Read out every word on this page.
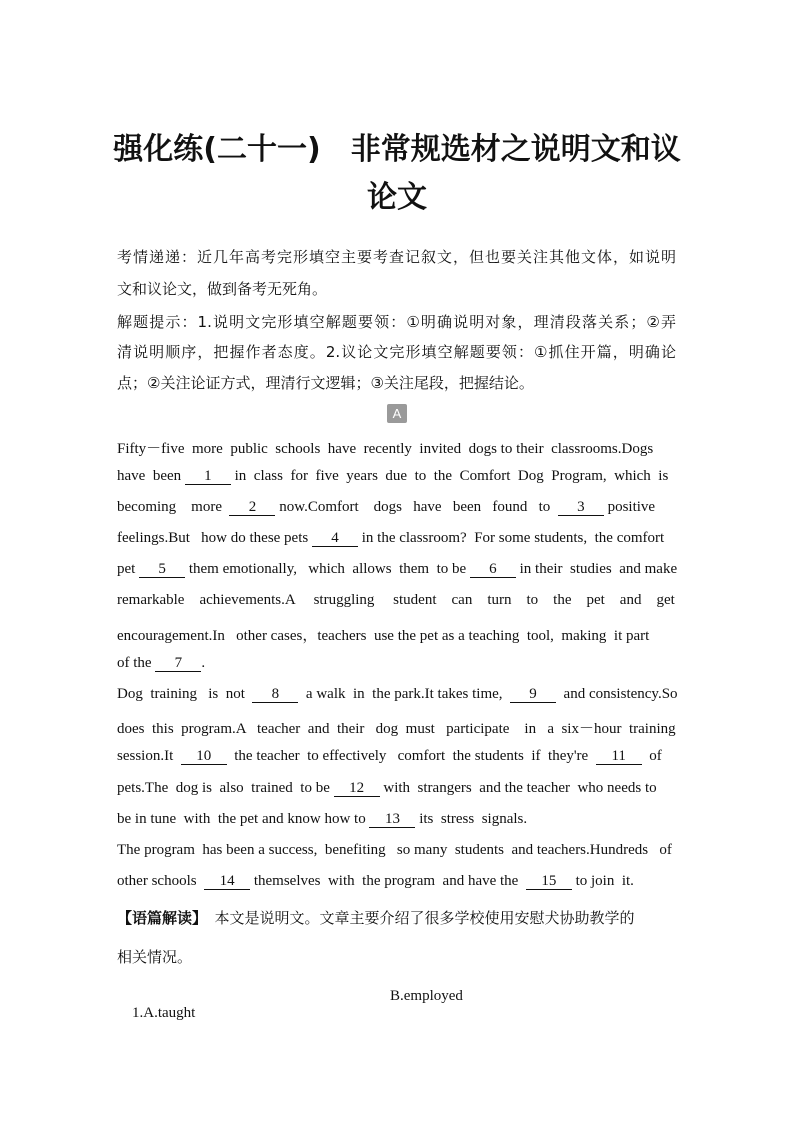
强化练(二十一)　非常规选材之说明文和议
论文
考情递递：近几年高考完形填空主要考查记叙文，但也要关注其他文体，如说明
文和议论文，做到备考无死角。
解题提示：1.说明文完形填空解题要领：①明确说明对象，理清段落关系；②弄
清说明顺序，把握作者态度。2.议论文完形填空解题要领：①抓住开篇，明确论
点；②关注论证方式，理清行文逻辑；③关注尾段，把握结论。
A
Fifty－five  more  public  schools  have  recently  invited  dogs to their  classrooms.Dogs
have  been 1 in  class  for  five  years  due  to  the  Comfort  Dog  Program,  which  is
becoming    more  2 now.Comfort    dogs   have   been   found   to  3 positive
feelings.But   how do these pets 4 in the classroom?  For some students,  the comfort
pet 5 them emotionally,   which  allows  them  to be 6 in their  studies  and make
remarkable    achievements.A     struggling     student    can    turn    to    the    pet    and    get
encouragement.In   other cases，teachers  use the pet as a teaching  tool,  making  it part
of the 7 .
Dog  training   is  not  8  a walk  in  the park.It takes time,  9  and consistency.So
does  this  program.A   teacher  and  their   dog  must   participate    in   a  six－hour  training
session.It  10  the teacher  to effectively   comfort  the students  if  they're  11  of
pets.The  dog is  also  trained  to be 12 with  strangers  and the teacher  who needs to
be in tune  with  the pet and know how to 13 its  stress  signals.
The program  has been a success,  benefiting   so many  students  and teachers.Hundreds   of
other schools  14 themselves  with  the program  and have the  15 to join  it.
【语篇解读】　本文是说明文。文章主要介绍了很多学校使用安慰犬协助教学的
相关情况。

1.A.taught

B.employed
